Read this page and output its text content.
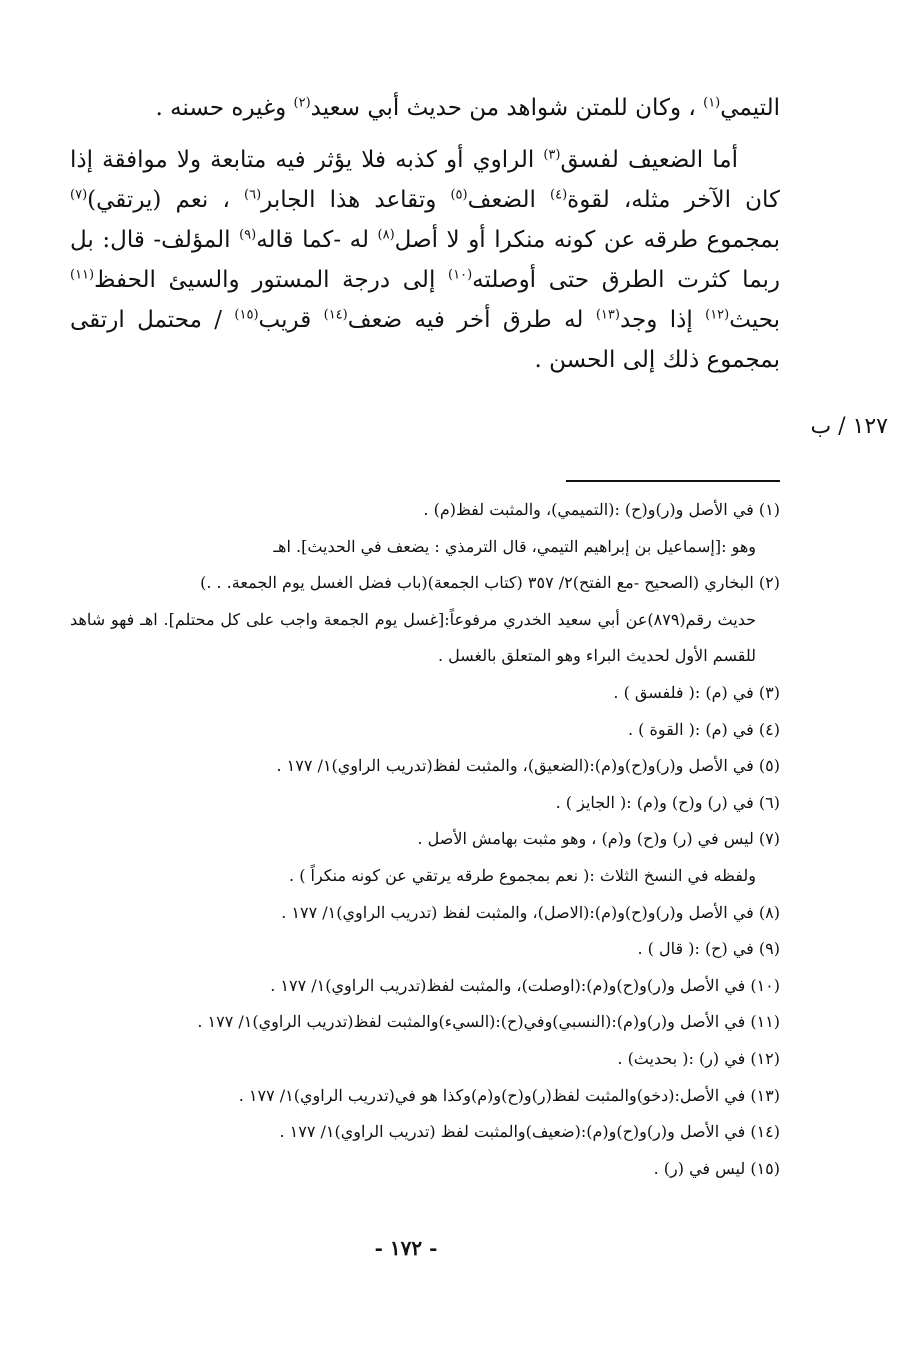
التيمي$^{(١)}$ ، وكان للمتن شواهد من حديث أبي سعيد$^{(٢)}$ وغيره حسنه .

أما الضعيف لفسق$^{(٣)}$ الراوي أو كذبه فلا يؤثر فيه متابعة ولا موافقة إذا كان الآخر مثله، لقوة$^{(٤)}$ الضعف$^{(٥)}$ وتقاعد هذا الجابر$^{(٦)}$ ، نعم (يرتقي)$^{(٧)}$ بمجموع طرقه عن كونه منكرا أو لا أصل$^{(٨)}$ له -كما قاله$^{(٩)}$ المؤلف- قال: بل ربما كثرت الطرق حتى أوصلته$^{(١٠)}$ إلى درجة المستور والسيئ الحفظ$^{(١١)}$ بحيث$^{(١٢)}$ إذا وجد$^{(١٣)}$ له طرق أخر فيه ضعف$^{(١٤)}$ قريب$^{(١٥)}$ / محتمل ارتقى بمجموع ذلك إلى الحسن .

١٢٧ / ب

(١) في الأصل و(ر)و(ح) :(التميمي)، والمثبت لفظ(م) .

وهو :[إسماعيل بن إبراهيم التيمي، قال الترمذي : يضعف في الحديث]. اهـ

(٢) البخاري (الصحيح -مع الفتح)٢/ ٣٥٧ (كتاب الجمعة)(باب فضل الغسل يوم الجمعة. . .)

حديث رقم(٨٧٩)عن أبي سعيد الخدري مرفوعاً:[غسل يوم الجمعة واجب على كل محتلم]. اهـ فهو شاهد للقسم الأول لحديث البراء وهو المتعلق بالغسل .

(٣) في (م) :( فلفسق ) .

(٤) في (م) :( القوة ) .

(٥) في الأصل و(ر)و(ح)و(م):(الضعيق)، والمثبت لفظ(تدريب الراوي)١/ ١٧٧ .

(٦) في (ر) و(ح) و(م) :( الجايز ) .

(٧) ليس في (ر) و(ح) و(م) ، وهو مثبت بهامش الأصل .

ولفظه في النسخ الثلاث :( نعم بمجموع طرقه يرتقي عن كونه منكراً ) .

(٨) في الأصل و(ر)و(ح)و(م):(الاصل)، والمثبت لفظ (تدريب الراوي)١/ ١٧٧ .

(٩) في (ح) :( قال ) .

(١٠) في الأصل و(ر)و(ح)و(م):(اوصلت)، والمثبت لفظ(تدريب الراوي)١/ ١٧٧ .

(١١) في الأصل و(ر)و(م):(النسبي)وفي(ح):(السيء)والمثبت لفظ(تدريب الراوي)١/ ١٧٧ .

(١٢) في (ر) :( بحديث) .

(١٣) في الأصل:(دخو)والمثبت لفظ(ر)و(ح)و(م)وكذا هو في(تدريب الراوي)١/ ١٧٧ .

(١٤) في الأصل و(ر)و(ح)و(م):(ضعيف)والمثبت لفظ (تدريب الراوي)١/ ١٧٧ .

(١٥) ليس في (ر) .

- ١٧٢ -
